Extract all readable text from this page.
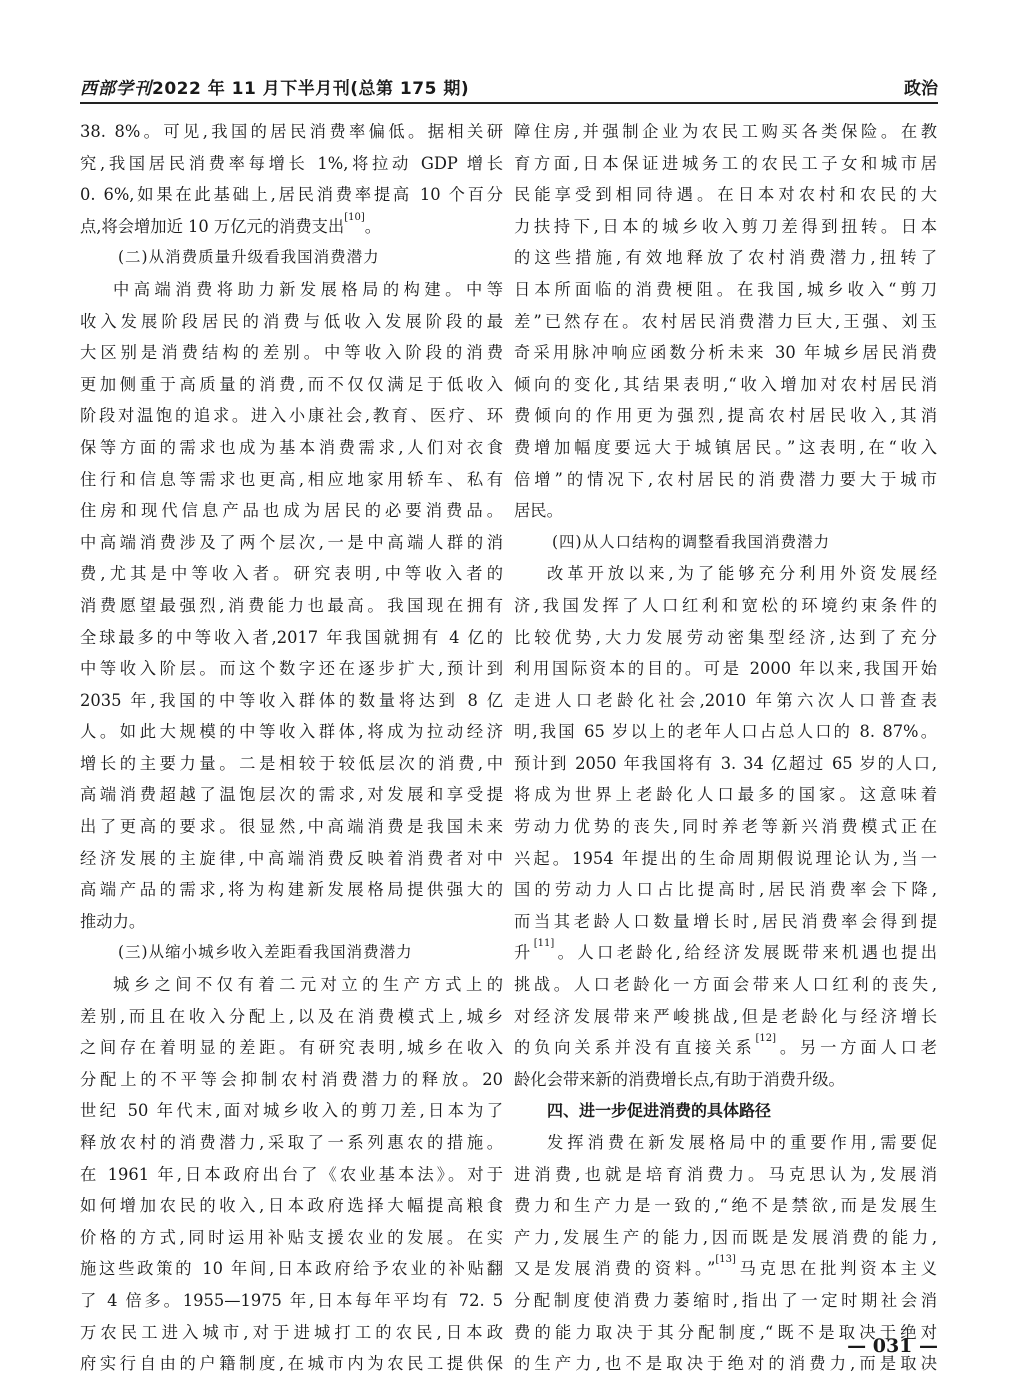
西部学刊2022 年 11 月下半月刊(总第 175 期)	政治
38. 8%。可见,我国的居民消费率偏低。据相关研
究,我国居民消费率每增长 1%,将拉动 GDP 增长
0. 6%,如果在此基础上,居民消费率提高 10 个百分
点,将会增加近 10 万亿元的消费支出[10]。
(二)从消费质量升级看我国消费潜力
中高端消费将助力新发展格局的构建。中等
收入发展阶段居民的消费与低收入发展阶段的最
大区别是消费结构的差别。中等收入阶段的消费
更加侧重于高质量的消费,而不仅仅满足于低收入
阶段对温饱的追求。进入小康社会,教育、医疗、环
保等方面的需求也成为基本消费需求,人们对衣食
住行和信息等需求也更高,相应地家用轿车、私有
住房和现代信息产品也成为居民的必要消费品。
中高端消费涉及了两个层次,一是中高端人群的消
费,尤其是中等收入者。研究表明,中等收入者的
消费愿望最强烈,消费能力也最高。我国现在拥有
全球最多的中等收入者,2017 年我国就拥有 4 亿的
中等收入阶层。而这个数字还在逐步扩大,预计到
2035 年,我国的中等收入群体的数量将达到 8 亿
人。如此大规模的中等收入群体,将成为拉动经济
增长的主要力量。二是相较于较低层次的消费,中
高端消费超越了温饱层次的需求,对发展和享受提
出了更高的要求。很显然,中高端消费是我国未来
经济发展的主旋律,中高端消费反映着消费者对中
高端产品的需求,将为构建新发展格局提供强大的
推动力。
(三)从缩小城乡收入差距看我国消费潜力
城乡之间不仅有着二元对立的生产方式上的
差别,而且在收入分配上,以及在消费模式上,城乡
之间存在着明显的差距。有研究表明,城乡在收入
分配上的不平等会抑制农村消费潜力的释放。20
世纪 50 年代末,面对城乡收入的剪刀差,日本为了
释放农村的消费潜力,采取了一系列惠农的措施。
在 1961 年,日本政府出台了《农业基本法》。对于
如何增加农民的收入,日本政府选择大幅提高粮食
价格的方式,同时运用补贴支援农业的发展。在实
施这些政策的 10 年间,日本政府给予农业的补贴翻
了 4 倍多。1955—1975 年,日本每年平均有 72. 5
万农民工进入城市,对于进城打工的农民,日本政
府实行自由的户籍制度,在城市内为农民工提供保
障住房,并强制企业为农民工购买各类保险。在教
育方面,日本保证进城务工的农民工子女和城市居
民能享受到相同待遇。在日本对农村和农民的大
力扶持下,日本的城乡收入剪刀差得到扭转。日本
的这些措施,有效地释放了农村消费潜力,扭转了
日本所面临的消费梗阻。在我国,城乡收入“剪刀
差”已然存在。农村居民消费潜力巨大,王强、刘玉
奇采用脉冲响应函数分析未来 30 年城乡居民消费
倾向的变化,其结果表明,“收入增加对农村居民消
费倾向的作用更为强烈,提高农村居民收入,其消
费增加幅度要远大于城镇居民。”这表明,在“收入
倍增”的情况下,农村居民的消费潜力要大于城市
居民。
(四)从人口结构的调整看我国消费潜力
改革开放以来,为了能够充分利用外资发展经
济,我国发挥了人口红利和宽松的环境约束条件的
比较优势,大力发展劳动密集型经济,达到了充分
利用国际资本的目的。可是 2000 年以来,我国开始
走进人口老龄化社会,2010 年第六次人口普查表
明,我国 65 岁以上的老年人口占总人口的 8. 87%。
预计到 2050 年我国将有 3. 34 亿超过 65 岁的人口,
将成为世界上老龄化人口最多的国家。这意味着
劳动力优势的丧失,同时养老等新兴消费模式正在
兴起。1954 年提出的生命周期假说理论认为,当一
国的劳动力人口占比提高时,居民消费率会下降,
而当其老龄人口数量增长时,居民消费率会得到提
升[11]。人口老龄化,给经济发展既带来机遇也提出
挑战。人口老龄化一方面会带来人口红利的丧失,
对经济发展带来严峻挑战,但是老龄化与经济增长
的负向关系并没有直接关系[12]。另一方面人口老
龄化会带来新的消费增长点,有助于消费升级。
四、进一步促进消费的具体路径
发挥消费在新发展格局中的重要作用,需要促
进消费,也就是培育消费力。马克思认为,发展消
费力和生产力是一致的,“绝不是禁欲,而是发展生
产力,发展生产的能力,因而既是发展消费的能力,
又是发展消费的资料。”[13]马克思在批判资本主义
分配制度使消费力萎缩时,指出了一定时期社会消
费的能力取决于其分配制度,“既不是取决于绝对
的生产力,也不是取决于绝对的消费力,而是取决
— 031 —
